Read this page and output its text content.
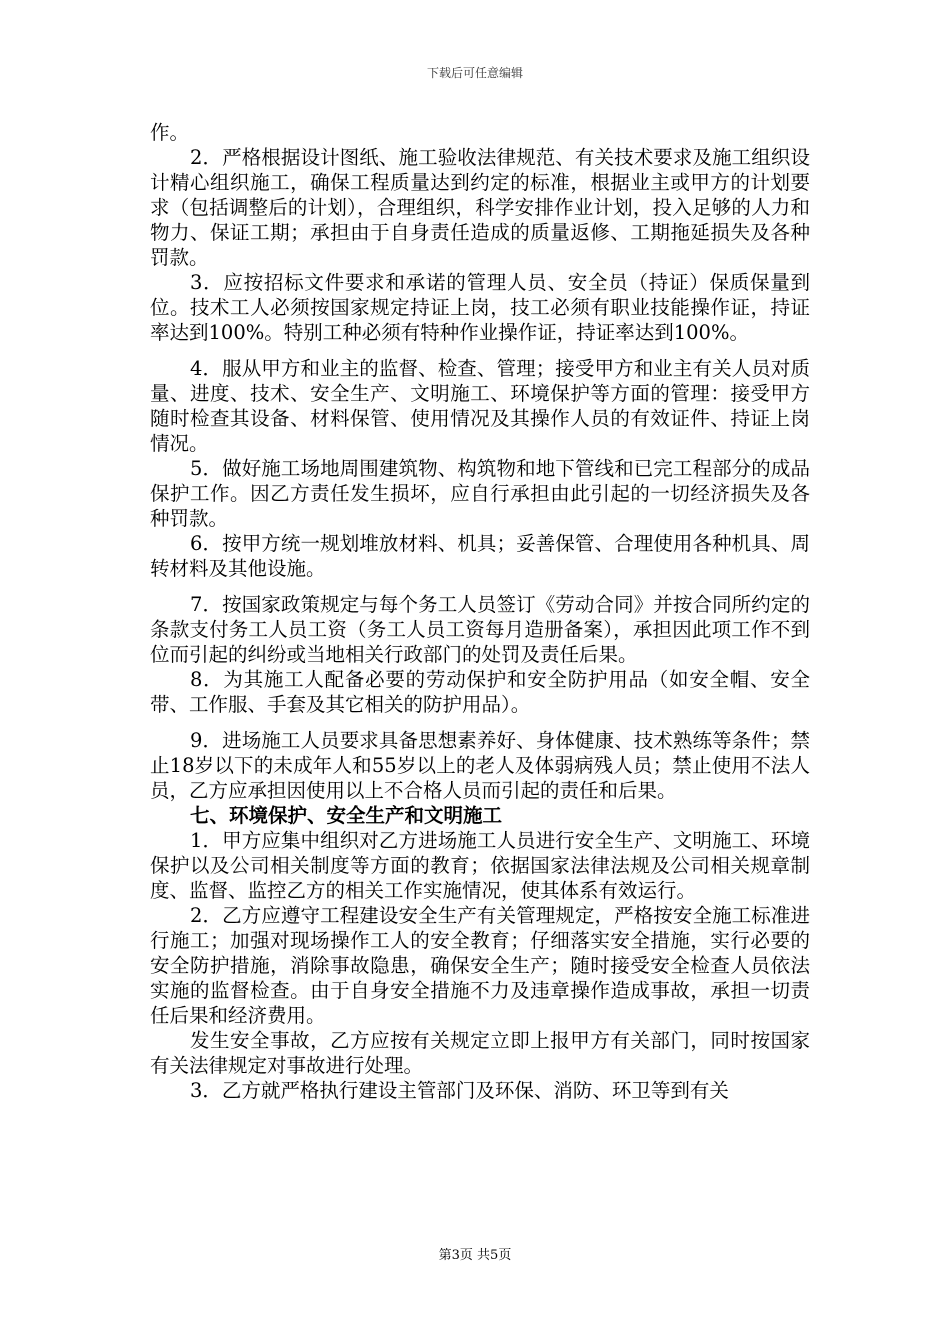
下载后可任意编辑

作。

2．严格根据设计图纸、施工验收法律规范、有关技术要求及施工组织设计精心组织施工，确保工程质量达到约定的标准，根据业主或甲方的计划要求（包括调整后的计划），合理组织，科学安排作业计划，投入足够的人力和物力、保证工期；承担由于自身责任造成的质量返修、工期拖延损失及各种罚款。

3．应按招标文件要求和承诺的管理人员、安全员（持证）保质保量到位。技术工人必须按国家规定持证上岗，技工必须有职业技能操作证，持证率达到100%。特别工种必须有特种作业操作证，持证率达到100%。

4．服从甲方和业主的监督、检查、管理；接受甲方和业主有关人员对质量、进度、技术、安全生产、文明施工、环境保护等方面的管理：接受甲方随时检查其设备、材料保管、使用情况及其操作人员的有效证件、持证上岗情况。

5．做好施工场地周围建筑物、构筑物和地下管线和已完工程部分的成品保护工作。因乙方责任发生损坏，应自行承担由此引起的一切经济损失及各种罚款。

6．按甲方统一规划堆放材料、机具；妥善保管、合理使用各种机具、周转材料及其他设施。

7．按国家政策规定与每个务工人员签订《劳动合同》并按合同所约定的条款支付务工人员工资（务工人员工资每月造册备案），承担因此项工作不到位而引起的纠纷或当地相关行政部门的处罚及责任后果。

8．为其施工人配备必要的劳动保护和安全防护用品（如安全帽、安全带、工作服、手套及其它相关的防护用品）。

9．进场施工人员要求具备思想素养好、身体健康、技术熟练等条件；禁止18岁以下的未成年人和55岁以上的老人及体弱病残人员；禁止使用不法人员，乙方应承担因使用以上不合格人员而引起的责任和后果。

七、环境保护、安全生产和文明施工

1．甲方应集中组织对乙方进场施工人员进行安全生产、文明施工、环境保护以及公司相关制度等方面的教育；依据国家法律法规及公司相关规章制度、监督、监控乙方的相关工作实施情况，使其体系有效运行。

2．乙方应遵守工程建设安全生产有关管理规定，严格按安全施工标准进行施工；加强对现场操作工人的安全教育；仔细落实安全措施，实行必要的安全防护措施，消除事故隐患，确保安全生产；随时接受安全检查人员依法实施的监督检查。由于自身安全措施不力及违章操作造成事故，承担一切责任后果和经济费用。

发生安全事故，乙方应按有关规定立即上报甲方有关部门，同时按国家有关法律规定对事故进行处理。

3．乙方就严格执行建设主管部门及环保、消防、环卫等到有关

第3页 共5页
